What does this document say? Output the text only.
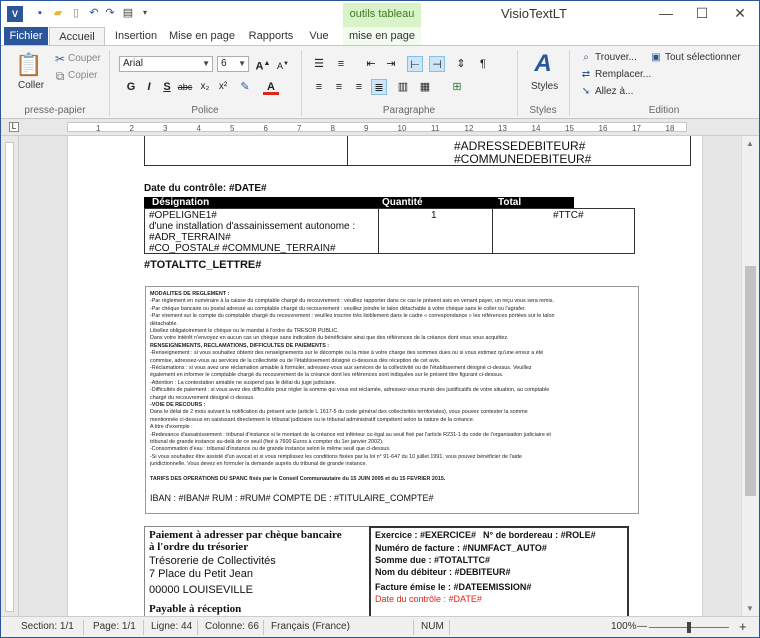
V	▪	▰ ▯ ↶ ↷ ▤	▾	outils tableau	VisioTextLT	—	☐	✕
Fichier	Accueil	Insertion	Mise en page	Rapports	Vue	mise en page
📋
Coller
✂ Couper
⧉ Copier
presse-papier
Arial	▼	6 ▼ A▲ A▼
G	I	S abc x₂ x²	✎	A
Police
☰	≡	⇤ ⇥	⊢ ⊣	⇕	¶
≡	≡	≡	≣	▥ ▦	⊞
Paragraphe
A
Styles
Styles
⌕ Trouver... ▣ Tout sélectionner
⇄ Remplacer...
➘ Allez à...
Edition
L	1	2	3	4	5	6	7	8	9	10	11	12	13	14	15	16	17	18
#ADRESSEDEBITEUR#
#COMMUNEDEBITEUR#
Date du contrôle: #DATE#
Désignation	Quantité	Total
#OPELIGNE1#
d'une installation d'assainissement autonome :
#ADR_TERRAIN#
#CO_POSTAL# #COMMUNE_TERRAIN#
1	#TTC#
#TOTALTTC_LETTRE#
MODALITES DE REGLEMENT :
-Par règlement en numéraire à la caisse du comptable chargé du recouvrement : veuillez rapporter dans ce cas le présent avis en venant payer, un reçu vous sera remis.
-Par chèque bancaire ou postal adressé au comptable chargé du recouvrement : veuillez joindre le talon détachable à votre chèque sans le coller ou l'agrafer.
-Par virement sur le compte du comptable chargé du recouvrement : veuillez inscrire très lisiblement dans le cadre « correspondance » les références portées sur le talon
détachable.
Libellez obligatoirement le chèque ou le mandat à l'ordre du TRESOR PUBLIC.
Dans votre intérêt n'envoyez en aucun cas un chèque sans indication du bénéficiaire ainsi que des références de la créance dont vous vous acquittez.
RENSEIGNEMENTS, RECLAMATIONS, DIFFICULTES DE PAIEMENTS :
-Renseignement : si vous souhaitez obtenir des renseignements sur le décompte ou la mise à votre charge des sommes dues ou si vous estimez qu'une erreur a été
commise, adressez-vous au services de la collectivité ou de l'établissement désigné ci-dessous dès réception de cet avis.
-Réclamations : si vous avez une réclamation amiable à formuler, adressez-vous aux services de la collectivité ou de l'établissement désigné ci-dessus. Veuillez
également en informer le comptable chargé du recouvrement de la créance dont les références sont indiquées sur le présent titre figurant ci-dessus.
-Attention : La contestation amiable ne suspend pas le délai du juge judiciaire.
-Difficultés de paiement : si vous avez des difficultés pour régler la somme qui vous est réclamée, adressez-vous munis des justificatifs de votre situation, au comptable
chargé du recouvrement désigné ci-dessus.
-VOIE DE RECOURS :
Dans le délai de 2 mois suivant la notification du présent acte (article L 1617-5 du code général des collectivités territoriales), vous pouvez contester la somme
mentionnée ci-dessus en saisissant directement le tribunal judiciaire ou le tribunal administratif compétent selon la nature de la créance.
A titre d'exemple :
-Redevance d'assainissement : tribunal d'instance si le montant de la créance est inférieur ou égal au seuil fixé par l'article R231-1 du code de l'organisation judiciaire et
tribunal de grande instance au-delà de ce seuil (fixé à 7600 Euros à compter du 1er janvier 2002).
-Consommation d'eau : tribunal d'instance ou de grande instance selon le même seuil que ci-dessus.
-Si vous souhaitez être assisté d'un avocat et si vous remplissez les conditions fixées par la loi n° 91-647 du 10 juillet 1991, vous pouvez bénéficier de l'aide
juridictionnelle. Vous devez en formuler la demande auprès du tribunal de grande instance.
TARIFS DES OPERATIONS DU SPANC fixés par le Conseil Communautaire du 15 JUIN 2005 et du 15 FEVRIER 2015.
IBAN : #IBAN# RUM : #RUM# COMPTE DE : #TITULAIRE_COMPTE#
Paiement à adresser par chèque bancaire
à l'ordre du trésorier
Trésorerie de Collectivités
7 Place du Petit Jean
00000 LOUISEVILLE
Payable à réception
Exercice : #EXERCICE# N° de bordereau : #ROLE#
Numéro de facture : #NUMFACT_AUTO#
Somme due : #TOTALTTC#
Nom du débiteur : #DEBITEUR#
Facture émise le : #DATEEMISSION#
Date du contrôle : #DATE#
▲
▼
Section: 1/1 Page: 1/1 Ligne: 44 Colonne: 66 Français (France)	NUM	100% —	+
